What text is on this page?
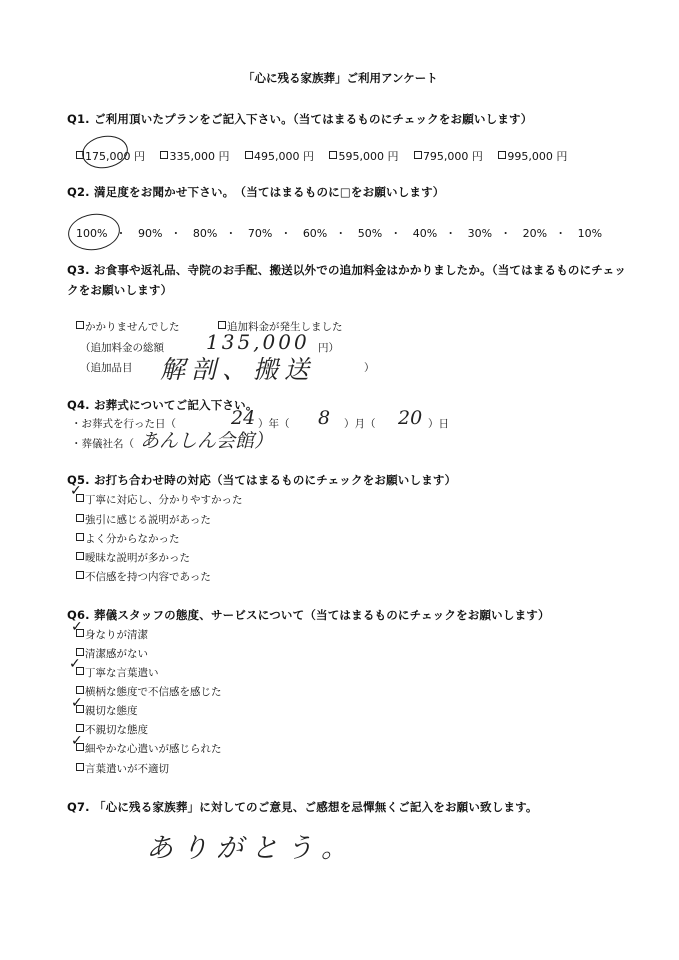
「心に残る家族葬」ご利用アンケート
Q1. ご利用頂いたプランをご記入下さい。（当てはまるものにチェックをお願いします）
175,000 円 335,000 円 495,000 円 595,000 円 795,000 円 995,000 円
Q2. 満足度をお聞かせ下さい。　（当てはまるものに□をお願いします）
100% ・ 90% ・ 80% ・ 70% ・ 60% ・ 50% ・ 40% ・ 30% ・ 20% ・ 10%
Q3. お食事や返礼品、寺院のお手配、搬送以外での追加料金はかかりましたか。（当てはまるものにチェッ
クをお願いします）
かかりませんでした	追加料金が発生しました
（追加料金の総額 135,000 円）
（追加品目 解剖、搬送	）
Q4. お葬式についてご記入下さい。
・お葬式を行った日（	24 ）年（ 8 ）月（ 20 ）日
・葬儀社名（ あんしん会館）
Q5. お打ち合わせ時の対応（当てはまるものにチェックをお願いします）
丁寧に対応し、分かりやすかった
強引に感じる説明があった
よく分からなかった
曖昧な説明が多かった
不信感を持つ内容であった
✓
Q6. 葬儀スタッフの態度、サービスについて（当てはまるものにチェックをお願いします）
身なりが清潔
清潔感がない
丁寧な言葉遣い
横柄な態度で不信感を感じた
親切な態度
不親切な態度
細やかな心遣いが感じられた
言葉遣いが不適切
✓
✓
✓
✓
Q7. 「心に残る家族葬」に対してのご意見、ご感想を忌憚無くご記入をお願い致します。
ありがとう。
